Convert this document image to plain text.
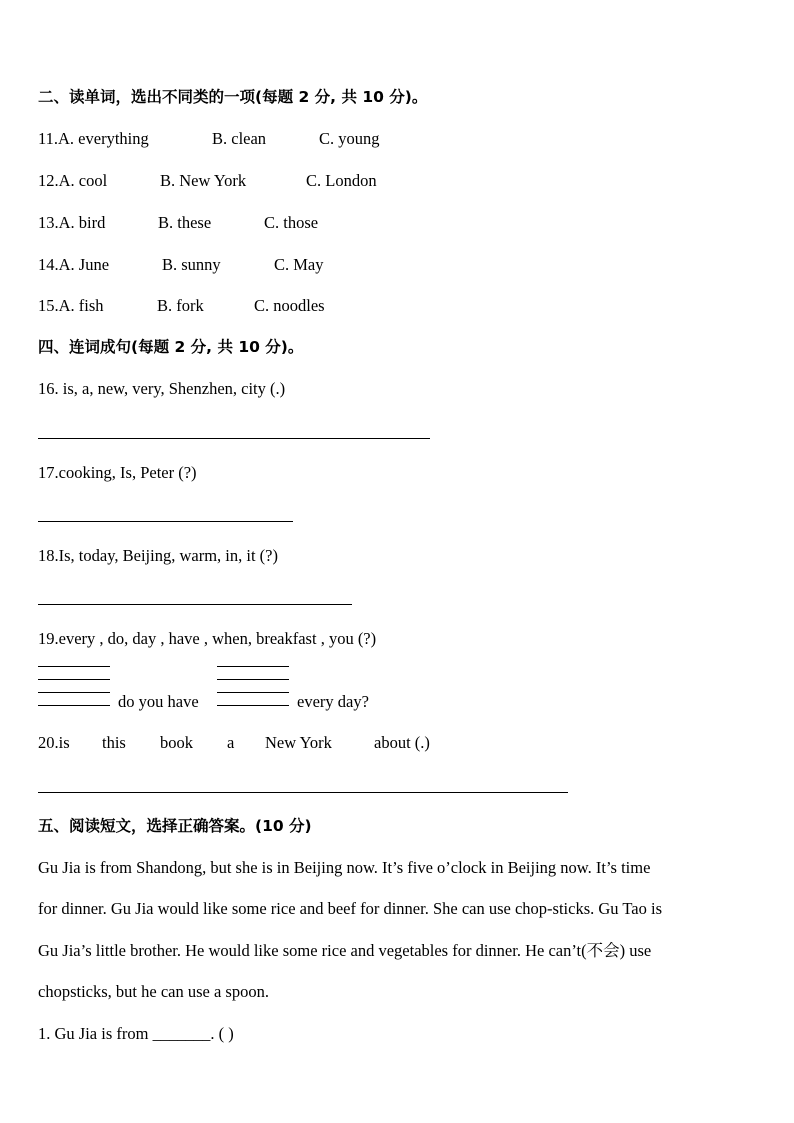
二、读单词，选出不同类的一项(每题 2 分, 共 10 分)。
11.A. everything	B. clean	C. young
12.A. cool	B. New York	C. London
13.A. bird	B. these	C. those
14.A. June	B. sunny	C. May
15.A. fish	B. fork	C. noodles
四、连词成句(每题 2 分, 共 10 分)。
16. is, a, new, very, Shenzhen, city (.)
17.cooking, Is, Peter (?)
18.Is, today, Beijing, warm, in, it (?)
19.every , do, day , have , when, breakfast , you (?)
do you have	every day?
20.is this book a New York	about (.)
五、阅读短文，选择正确答案。(10 分)
Gu Jia is from Shandong, but she is in Beijing now. It’s five o’clock in Beijing now. It’s time
for dinner. Gu Jia would like some rice and beef for dinner. She can use chop-sticks. Gu Tao is
Gu Jia’s little brother. He would like some rice and vegetables for dinner. He can’t(不会) use
chopsticks, but he can use a spoon.
1. Gu Jia is from _______. ( )
